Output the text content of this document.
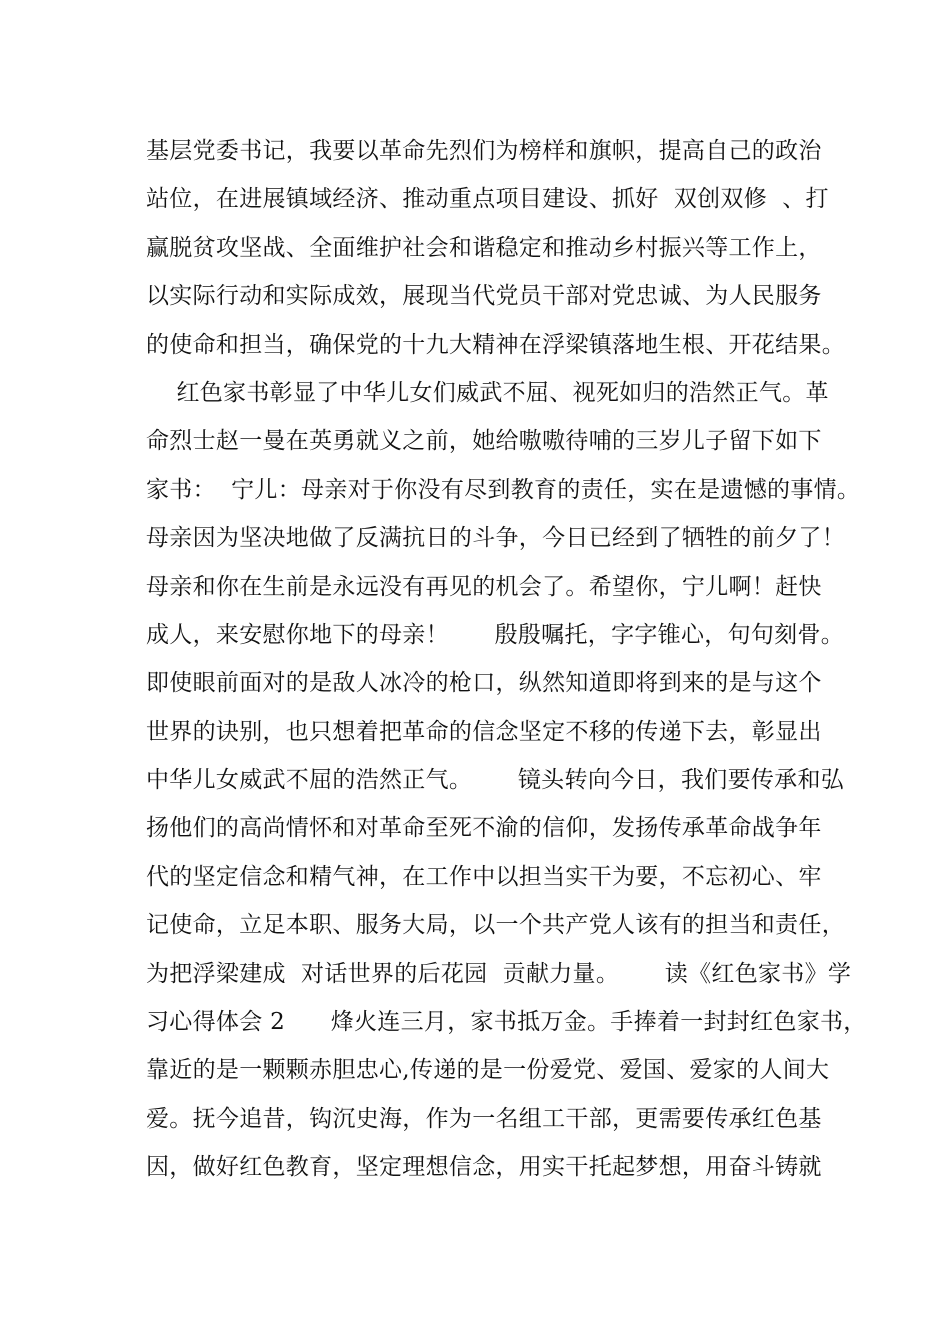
基层党委书记，我要以革命先烈们为榜样和旗帜，提高自己的政治
站位，在进展镇域经济、推动重点项目建设、抓好  双创双修  、打
赢脱贫攻坚战、全面维护社会和谐稳定和推动乡村振兴等工作上，
以实际行动和实际成效，展现当代党员干部对党忠诚、为人民服务
的使命和担当，确保党的十九大精神在浮梁镇落地生根、开花结果。
红色家书彰显了中华儿女们威武不屈、视死如归的浩然正气。革
命烈士赵一曼在英勇就义之前，她给嗷嗷待哺的三岁儿子留下如下
家书：  宁儿：母亲对于你没有尽到教育的责任，实在是遗憾的事情。
母亲因为坚决地做了反满抗日的斗争，今日已经到了牺牲的前夕了！
母亲和你在生前是永远没有再见的机会了。希望你，宁儿啊！赶快
成人，来安慰你地下的母亲！      殷殷嘱托，字字锥心，句句刻骨。
即使眼前面对的是敌人冰冷的枪口，纵然知道即将到来的是与这个
世界的诀别，也只想着把革命的信念坚定不移的传递下去，彰显出
中华儿女威武不屈的浩然正气。      镜头转向今日，我们要传承和弘
扬他们的高尚情怀和对革命至死不渝的信仰，发扬传承革命战争年
代的坚定信念和精气神，在工作中以担当实干为要，不忘初心、牢
记使命，立足本职、服务大局，以一个共产党人该有的担当和责任，
为把浮梁建成  对话世界的后花园  贡献力量。      读《红色家书》学
习心得体会 2      烽火连三月，家书抵万金。手捧着一封封红色家书，
靠近的是一颗颗赤胆忠心,传递的是一份爱党、爱国、爱家的人间大
爱。抚今追昔，钩沉史海，作为一名组工干部，更需要传承红色基
因，做好红色教育，坚定理想信念，用实干托起梦想，用奋斗铸就
